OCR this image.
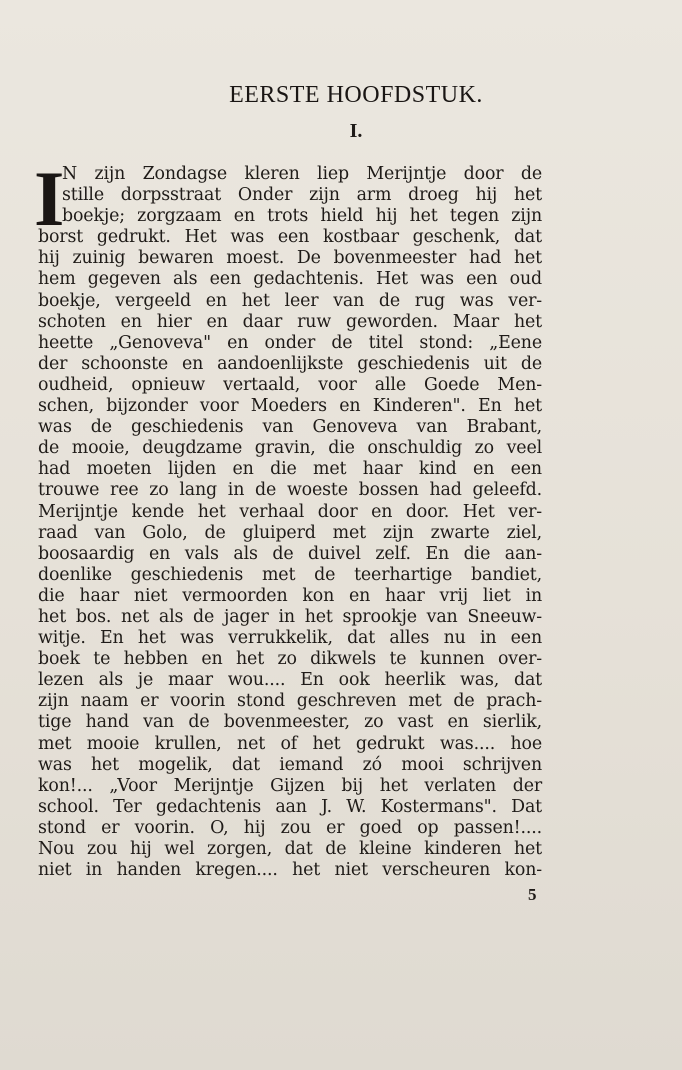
EERSTE HOOFDSTUK.
I.
I
N zijn Zondagse kleren liep Merijntje door de
stille dorpsstraat Onder zijn arm droeg hij het
boekje; zorgzaam en trots hield hij het tegen zijn
borst gedrukt. Het was een kostbaar geschenk, dat
hij zuinig bewaren moest. De bovenmeester had het
hem gegeven als een gedachtenis. Het was een oud
boekje, vergeeld en het leer van de rug was ver-
schoten en hier en daar ruw geworden. Maar het
heette „Genoveva" en onder de titel stond: „Eene
der schoonste en aandoenlijkste geschiedenis uit de
oudheid, opnieuw vertaald, voor alle Goede Men-
schen, bijzonder voor Moeders en Kinderen". En het
was de geschiedenis van Genoveva van Brabant,
de mooie, deugdzame gravin, die onschuldig zo veel
had moeten lijden en die met haar kind en een
trouwe ree zo lang in de woeste bossen had geleefd.
Merijntje kende het verhaal door en door. Het ver-
raad van Golo, de gluiperd met zijn zwarte ziel,
boosaardig en vals als de duivel zelf. En die aan-
doenlike geschiedenis met de teerhartige bandiet,
die haar niet vermoorden kon en haar vrij liet in
het bos. net als de jager in het sprookje van Sneeuw-
witje. En het was verrukkelik, dat alles nu in een
boek te hebben en het zo dikwels te kunnen over-
lezen als je maar wou.... En ook heerlik was, dat
zijn naam er voorin stond geschreven met de prach-
tige hand van de bovenmeester, zo vast en sierlik,
met mooie krullen, net of het gedrukt was.... hoe
was het mogelik, dat iemand zó mooi schrijven
kon!... „Voor Merijntje Gijzen bij het verlaten der
school. Ter gedachtenis aan J. W. Kostermans". Dat
stond er voorin. O, hij zou er goed op passen!....
Nou zou hij wel zorgen, dat de kleine kinderen het
niet in handen kregen.... het niet verscheuren kon-
5
